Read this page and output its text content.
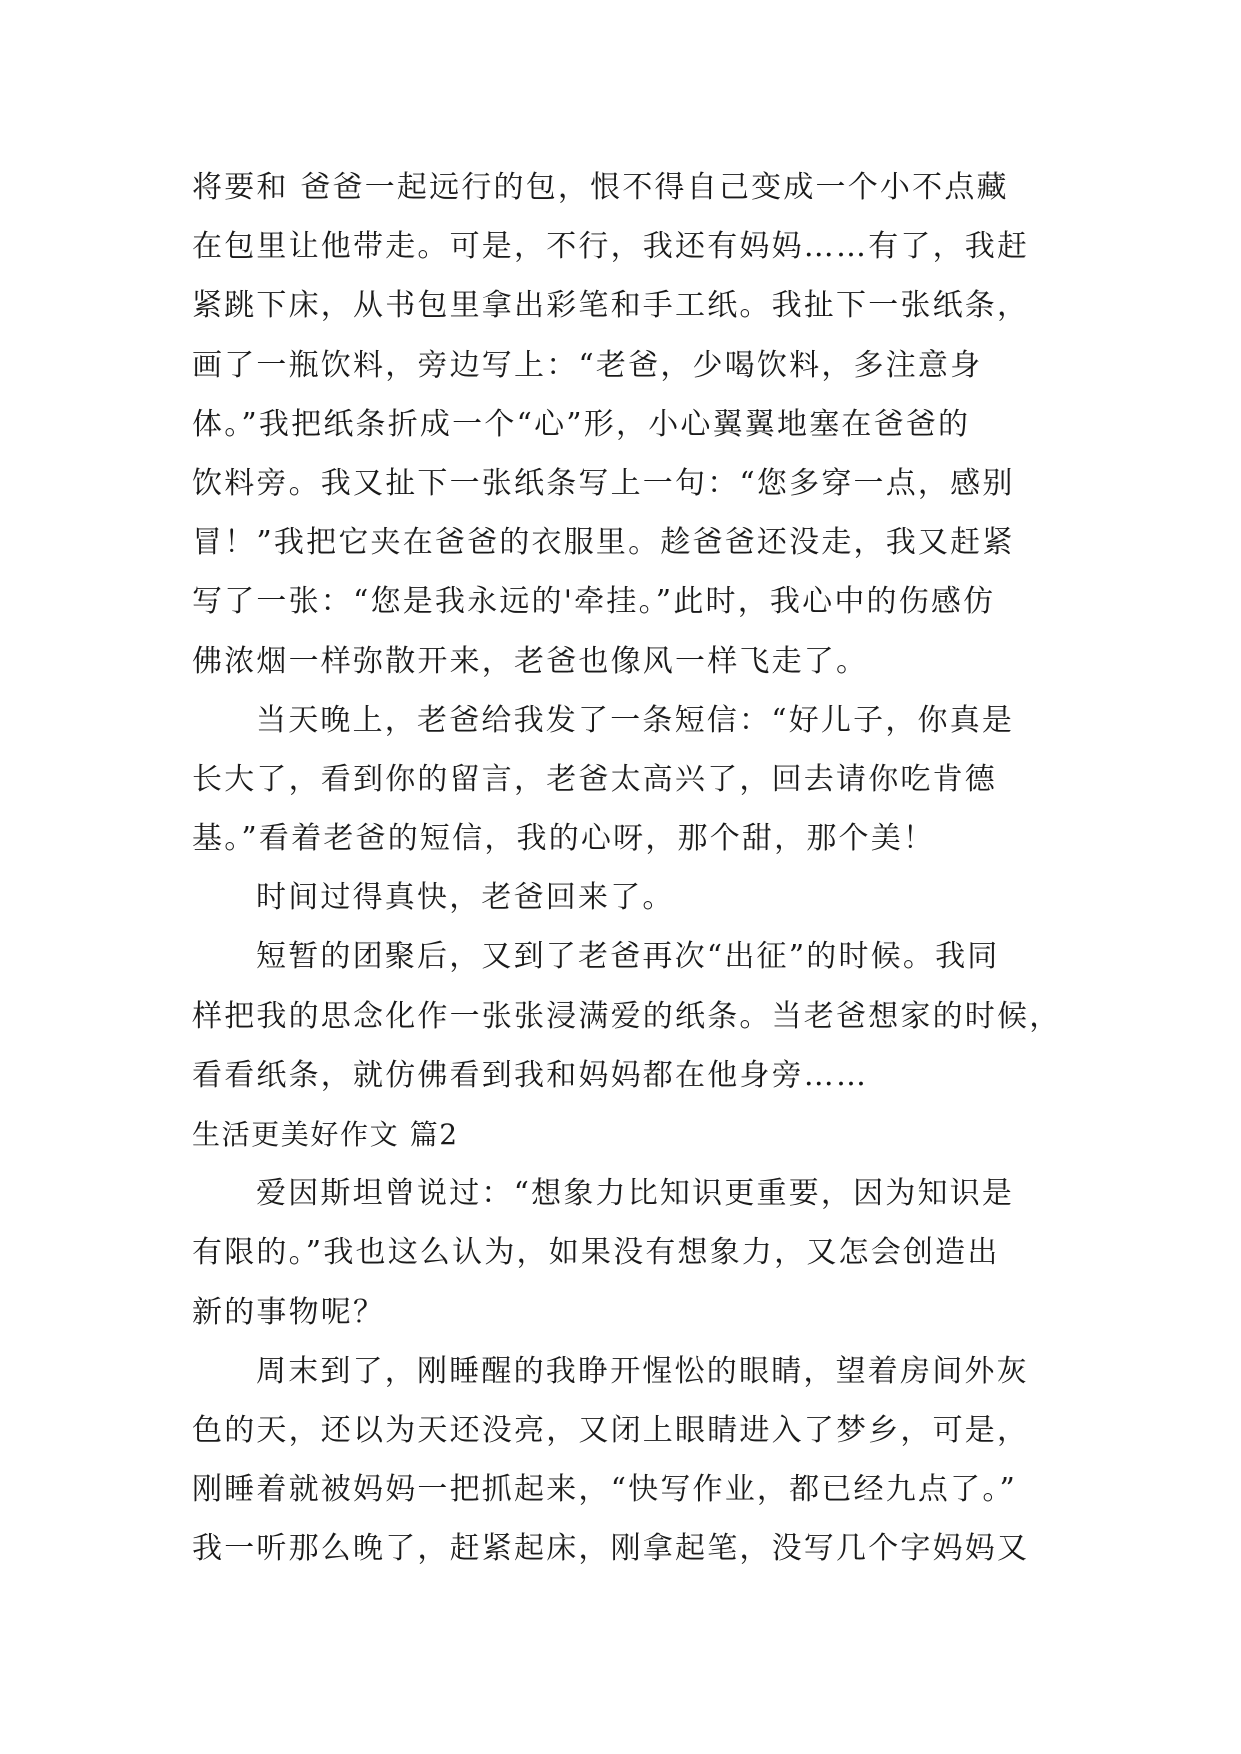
将要和 爸爸一起远行的包，恨不得自己变成一个小不点藏
在包里让他带走。可是，不行，我还有妈妈……有了，我赶
紧跳下床，从书包里拿出彩笔和手工纸。我扯下一张纸条，
画了一瓶饮料，旁边写上：“老爸，少喝饮料，多注意身
体。”我把纸条折成一个“心”形，小心翼翼地塞在爸爸的
饮料旁。我又扯下一张纸条写上一句：“您多穿一点，感别
冒！”我把它夹在爸爸的衣服里。趁爸爸还没走，我又赶紧
写了一张：“您是我永远的'牵挂。”此时，我心中的伤感仿
佛浓烟一样弥散开来，老爸也像风一样飞走了。
当天晚上，老爸给我发了一条短信：“好儿子，你真是
长大了，看到你的留言，老爸太高兴了，回去请你吃肯德
基。”看着老爸的短信，我的心呀，那个甜，那个美！
时间过得真快，老爸回来了。
短暂的团聚后，又到了老爸再次“出征”的时候。我同
样把我的思念化作一张张浸满爱的纸条。当老爸想家的时候，
看看纸条，就仿佛看到我和妈妈都在他身旁……
生活更美好作文 篇2
爱因斯坦曾说过：“想象力比知识更重要，因为知识是
有限的。”我也这么认为，如果没有想象力，又怎会创造出
新的事物呢？
周末到了，刚睡醒的我睁开惺忪的眼睛，望着房间外灰
色的天，还以为天还没亮，又闭上眼睛进入了梦乡，可是，
刚睡着就被妈妈一把抓起来，“快写作业，都已经九点了。”
我一听那么晚了，赶紧起床，刚拿起笔，没写几个字妈妈又
